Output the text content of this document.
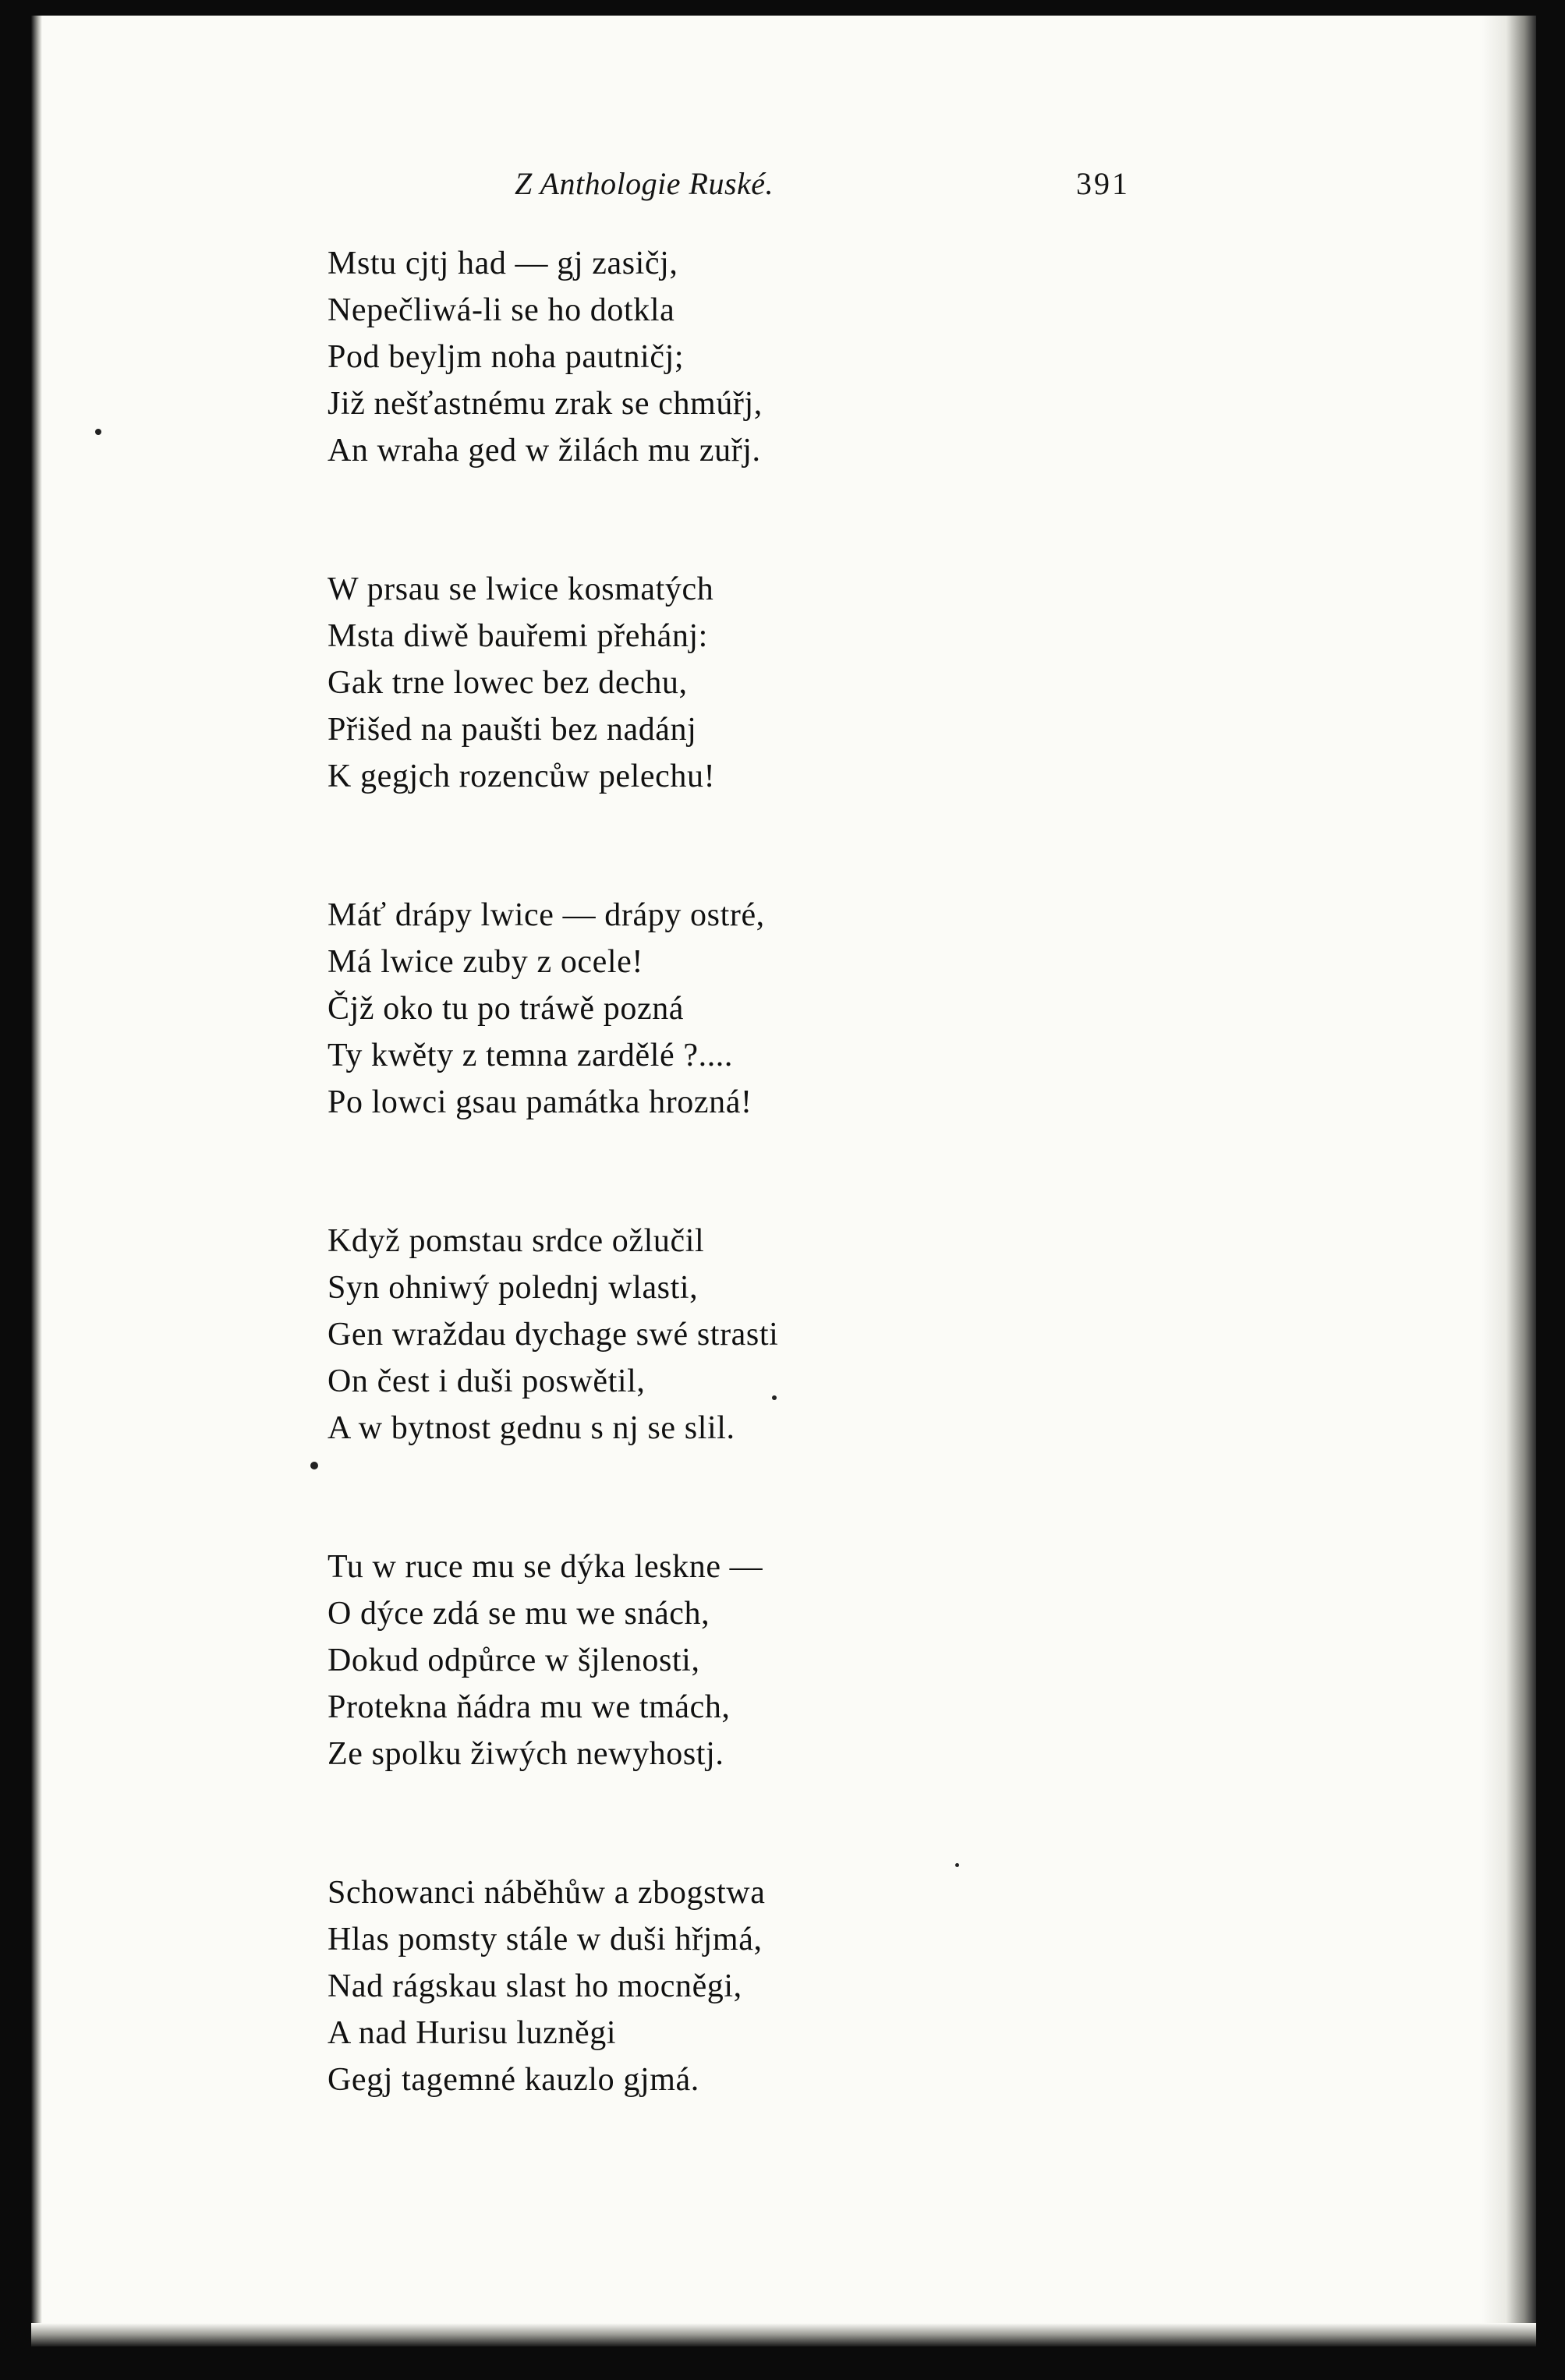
Z Anthologie Ruské.	391
Mstu cjtj had — gj zasičj,
Nepečliwá-li se ho dotkla
Pod beyljm noha pautničj;
Již nešťastnému zrak se chmúřj,
An wraha ged w žilách mu zuřj.
W prsau se lwice kosmatých
Msta diwě bauřemi přehánj:
Gak trne lowec bez dechu,
Přišed na paušti bez nadánj
K gegjch rozencůw pelechu!
Máť drápy lwice — drápy ostré,
Má lwice zuby z ocele!
Čjž oko tu po tráwě pozná
Ty kwěty z temna zardělé ?....
Po lowci gsau památka hrozná!
Když pomstau srdce ožlučil
Syn ohniwý polednj wlasti,
Gen wraždau dychage swé strasti
On čest i duši poswětil,
A w bytnost gednu s nj se slil.
Tu w ruce mu se dýka leskne —
O dýce zdá se mu we snách,
Dokud odpůrce w šjlenosti,
Protekna ňádra mu we tmách,
Ze spolku žiwých newyhostj.
Schowanci náběhůw a zbogstwa
Hlas pomsty stále w duši hřjmá,
Nad rágskau slast ho mocněgi,
A nad Hurisu luzněgi
Gegj tagemné kauzlo gjmá.
